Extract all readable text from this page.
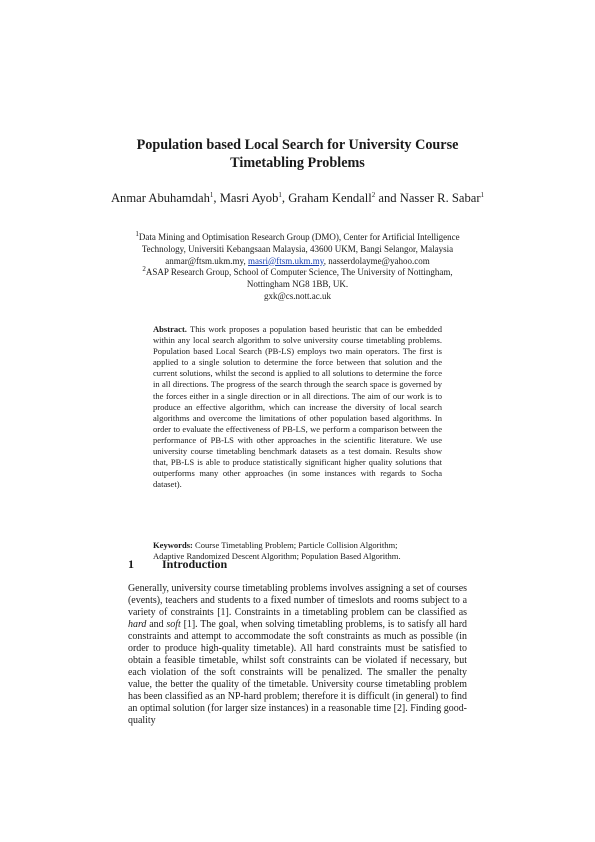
Population based Local Search for University Course
Timetabling Problems
Anmar Abuhamdah$^1$, Masri Ayob$^1$, Graham Kendall$^2$ and Nasser R. Sabar$^1$
$^1$Data Mining and Optimisation Research Group (DMO), Center for Artificial Intelligence
Technology, Universiti Kebangsaan Malaysia, 43600 UKM, Bangi Selangor, Malaysia
anmar@ftsm.ukm.my, masri@ftsm.ukm.my, nasserdolayme@yahoo.com
$^2$ASAP Research Group, School of Computer Science, The University of Nottingham,
Nottingham NG8 1BB, UK.
gxk@cs.nott.ac.uk
Abstract. This work proposes a population based heuristic that can be embedded within any local search algorithm to solve university course timetabling problems. Population based Local Search (PB-LS) employs two main operators. The first is applied to a single solution to determine the force between that solution and the current solutions, whilst the second is applied to all solutions to determine the force in all directions. The progress of the search through the search space is governed by the forces either in a single direction or in all directions. The aim of our work is to produce an effective algorithm, which can increase the diversity of local search algorithms and overcome the limitations of other population based algorithms. In order to evaluate the effectiveness of PB-LS, we perform a comparison between the performance of PB-LS with other approaches in the scientific literature. We use university course timetabling benchmark datasets as a test domain. Results show that, PB-LS is able to produce statistically significant higher quality solutions that outperforms many other approaches (in some instances with regards to Socha dataset).
Keywords: Course Timetabling Problem; Particle Collision Algorithm;
Adaptive Randomized Descent Algorithm; Population Based Algorithm.
1 Introduction
Generally, university course timetabling problems involves assigning a set of courses (events), teachers and students to a fixed number of timeslots and rooms subject to a variety of constraints [1]. Constraints in a timetabling problem can be classified as hard and soft [1]. The goal, when solving timetabling problems, is to satisfy all hard constraints and attempt to accommodate the soft constraints as much as possible (in order to produce high-quality timetable). All hard constraints must be satisfied to obtain a feasible timetable, whilst soft constraints can be violated if necessary, but each violation of the soft constraints will be penalized. The smaller the penalty value, the better the quality of the timetable. University course timetabling problem has been classified as an NP-hard problem; therefore it is difficult (in general) to find an optimal solution (for larger size instances) in a reasonable time [2]. Finding good-quality
